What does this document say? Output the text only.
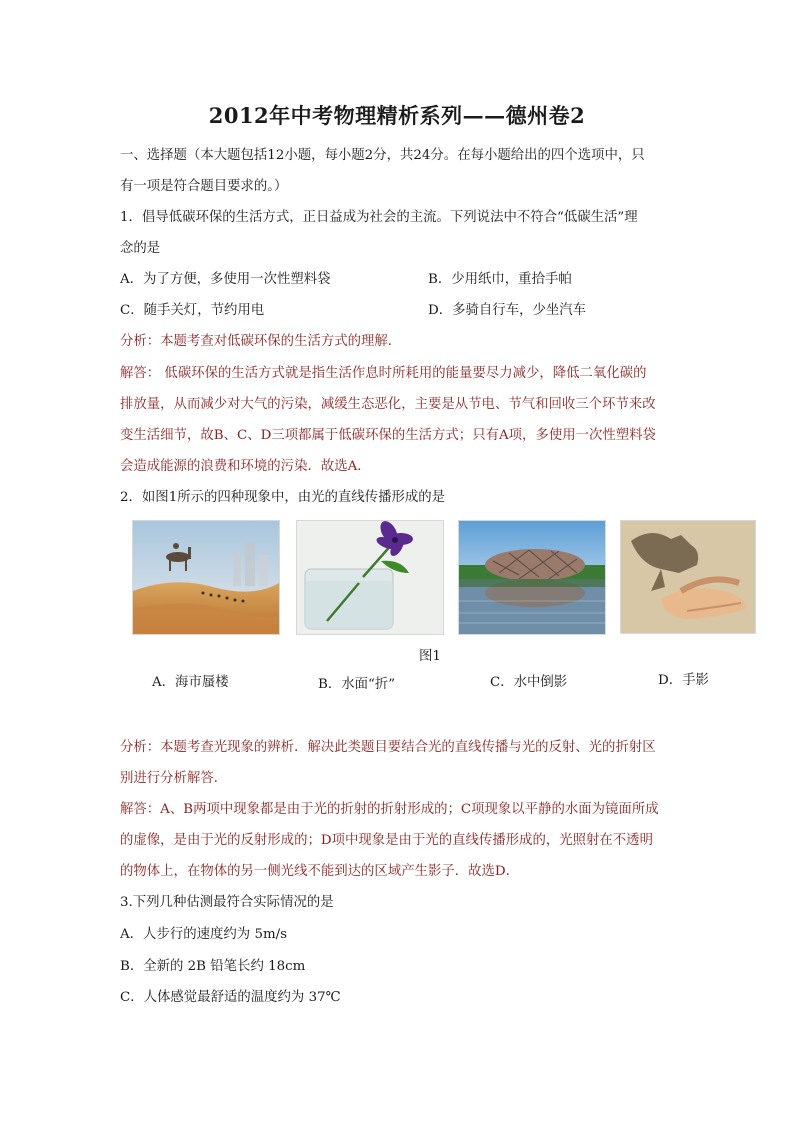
2012年中考物理精析系列——德州卷2
一、选择题（本大题包括12小题，每小题2分，共24分。在每小题给出的四个选项中，只
有一项是符合题目要求的。）
1．倡导低碳环保的生活方式，正日益成为社会的主流。下列说法中不符合“低碳生活”理
念的是
A．为了方便，多使用一次性塑料袋	B．少用纸巾，重拾手帕
C．随手关灯，节约用电	D．多骑自行车，少坐汽车
分析：本题考查对低碳环保的生活方式的理解．
解答： 低碳环保的生活方式就是指生活作息时所耗用的能量要尽力减少，降低二氧化碳的
排放量，从而减少对大气的污染，减缓生态恶化，主要是从节电、节气和回收三个环节来改
变生活细节，故B、C、D三项都属于低碳环保的生活方式；只有A项，多使用一次性塑料袋
会造成能源的浪费和环境的污染．故选A．
2．如图1所示的四种现象中，由光的直线传播形成的是
图1
A．海市蜃楼	B．水面“折”	C．水中倒影	D．手影
分析：本题考查光现象的辨析．解决此类题目要结合光的直线传播与光的反射、光的折射区
别进行分析解答．
解答：A、B两项中现象都是由于光的折射的折射形成的；C项现象以平静的水面为镜面所成
的虚像，是由于光的反射形成的；D项中现象是由于光的直线传播形成的，光照射在不透明
的物体上，在物体的另一侧光线不能到达的区域产生影子．故选D．
3.下列几种估测最符合实际情况的是
A．人步行的速度约为 5m/s
B．全新的 2B 铅笔长约 18cm
C．人体感觉最舒适的温度约为 37℃
